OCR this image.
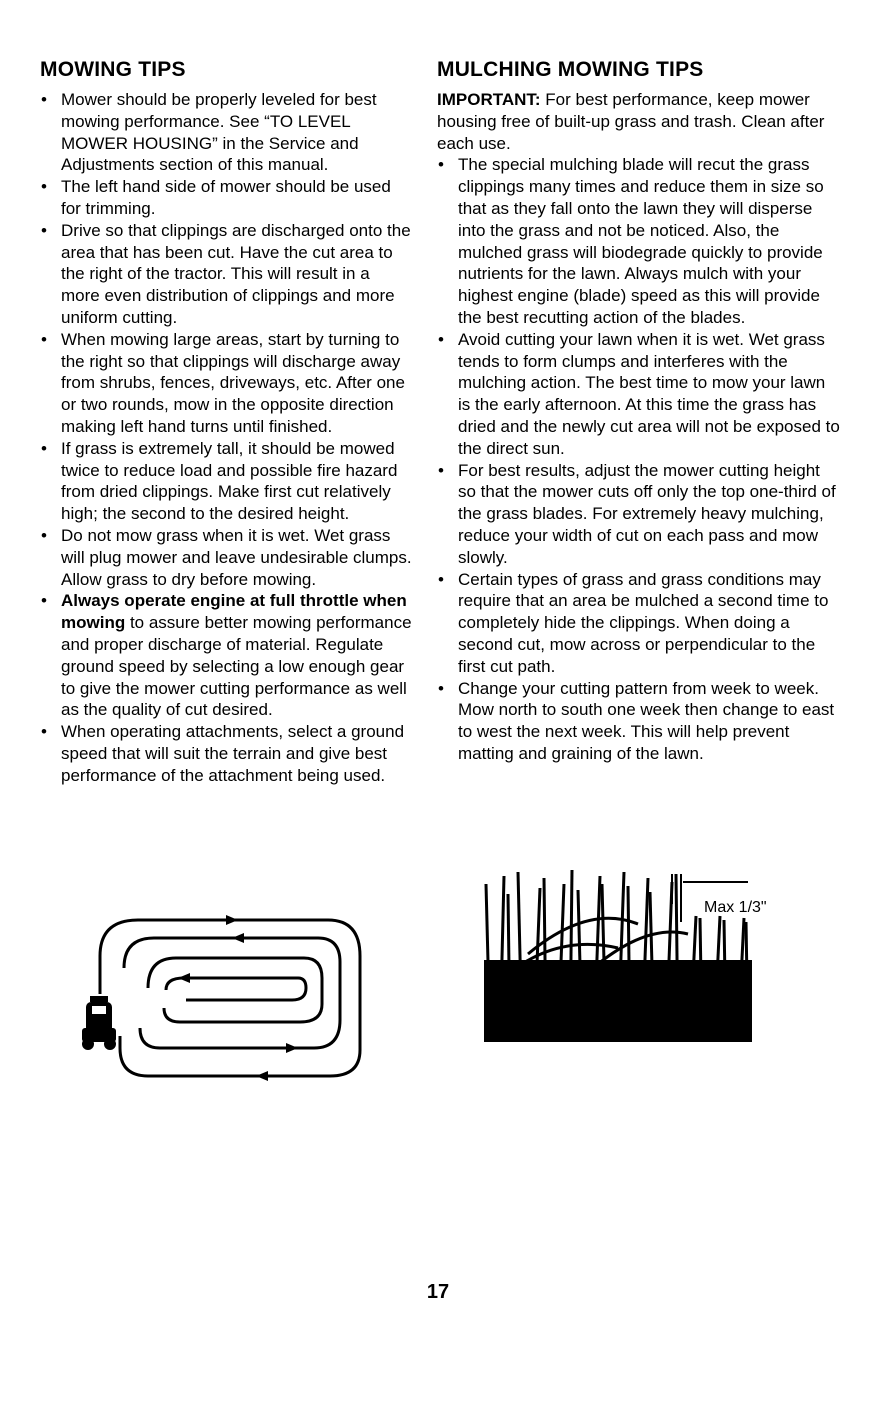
MOWING TIPS
• Mower should be properly leveled for best mowing performance. See “TO LEVEL MOWER HOUSING” in the Service and Adjustments section of this manual.
• The left hand side of mower should be used for trimming.
• Drive so that clippings are discharged onto the area that has been cut. Have the cut area to the right of the tractor. This will result in a more even distribution of clippings and more uniform cutting.
• When mowing large areas, start by turning to the right so that clippings will discharge away from shrubs, fences, driveways, etc. After one or two rounds, mow in the opposite direction making left hand turns until finished.
• If grass is extremely tall, it should be mowed twice to reduce load and possible fire hazard from dried clippings. Make first cut relatively high; the second to the desired height.
• Do not mow grass when it is wet. Wet grass will plug mower and leave undesirable clumps. Allow grass to dry before mowing.
• Always operate engine at full throttle when mowing to assure better mowing performance and proper discharge of material. Regulate ground speed by selecting a low enough gear to give the mower cutting performance as well as the quality of cut desired.
• When operating attachments, select a ground speed that will suit the terrain and give best performance of the attachment being used.
MULCHING MOWING TIPS

IMPORTANT: For best performance, keep mower housing free of built-up grass and trash. Clean after each use.

• The special mulching blade will recut the grass clippings many times and reduce them in size so that as they fall onto the lawn they will disperse into the grass and not be noticed. Also, the mulched grass will biodegrade quickly to provide nutrients for the lawn. Always mulch with your highest engine (blade) speed as this will provide the best recutting action of the blades.
• Avoid cutting your lawn when it is wet. Wet grass tends to form clumps and interferes with the mulching action. The best time to mow your lawn is the early afternoon. At this time the grass has dried and the newly cut area will not be exposed to the direct sun.
• For best results, adjust the mower cutting height so that the mower cuts off only the top one-third of the grass blades. For extremely heavy mulching, reduce your width of cut on each pass and mow slowly.
• Certain types of grass and grass conditions may require that an area be mulched a second time to completely hide the clippings. When doing a second cut, mow across or perpendicular to the first cut path.
• Change your cutting pattern from week to week. Mow north to south one week then change to east to west the next week. This will help prevent matting and graining of the lawn.
Max 1/3"
17
